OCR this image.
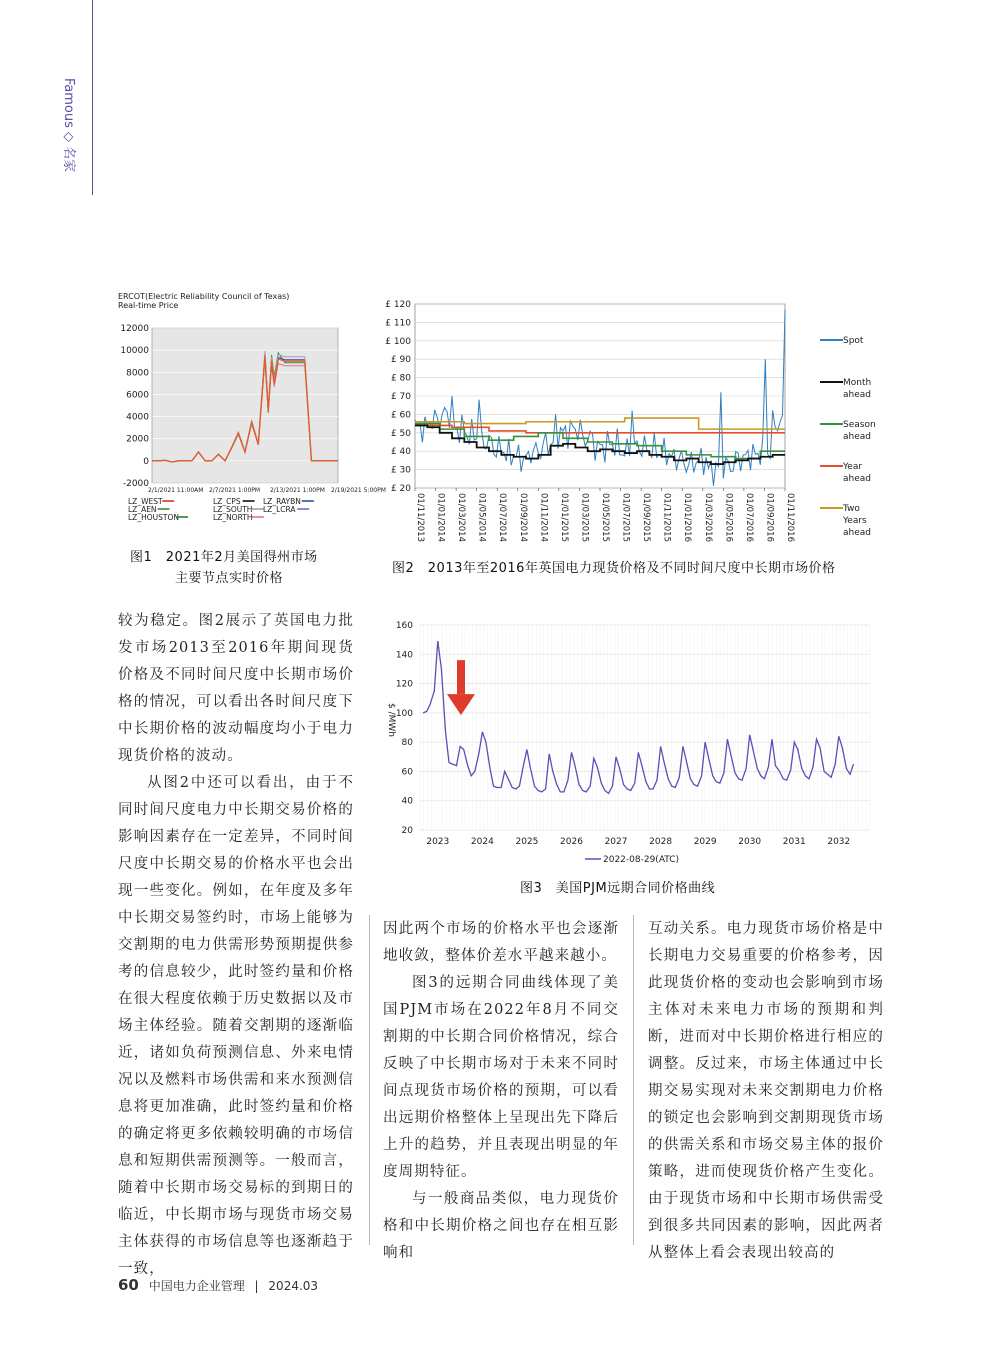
Famous ◇ 名家
ERCOT(Electric Reliability Council of Texas)
Real-time Price
12000
10000
8000
6000
4000
2000
0
-2000
2/1/2021 11:00AM 2/7/2021 1:00PM 2/13/2021 1:00PM 2/19/2021 5:00PM
LZ_WEST	LZ_CPS	LZ_RAYBN
LZ_AEN	LZ_SOUTH LZ_LCRA
LZ_HOUSTON	LZ_NORTH
图1　2021年2月美国得州市场
主要节点实时价格
£ 120
£ 110
£ 100
£ 90
£ 80
£ 70
£ 60
£ 50
£ 40
£ 30
£ 20
01/11/2013 01/01/2014 01/03/2014 01/05/2014 01/07/2014 01/09/2014 01/11/2014 01/01/2015 01/03/2015 01/05/2015 01/07/2015 01/09/2015 01/11/2015 01/01/2016 01/03/2016 01/05/2016 01/07/2016 01/09/2016 01/11/2016
Spot
Month ahead
Season ahead
Year ahead
Two Years ahead
图2　2013年至2016年英国电力现货价格及不同时间尺度中长期市场价格
160
140
120
100
80
60
40
20
2023 2024 2025 2026 2027 2028 2029 2030 2031 2032
$ /MWh
2022-08-29(ATC)
图3　美国PJM远期合同价格曲线

较为稳定。图2展示了英国电力批发市场2013至2016年期间现货价格及不同时间尺度中长期市场价格的情况，可以看出各时间尺度下中长期价格的波动幅度均小于电力现货价格的波动。

从图2中还可以看出，由于不同时间尺度电力中长期交易价格的影响因素存在一定差异，不同时间尺度中长期交易的价格水平也会出现一些变化。例如，在年度及多年中长期交易签约时，市场上能够为交割期的电力供需形势预期提供参考的信息较少，此时签约量和价格在很大程度依赖于历史数据以及市场主体经验。随着交割期的逐渐临近，诸如负荷预测信息、外来电情况以及燃料市场供需和来水预测信息将更加准确，此时签约量和价格的确定将更多依赖较明确的市场信息和短期供需预测等。一般而言，随着中长期市场交易标的到期日的临近，中长期市场与现货市场交易主体获得的市场信息等也逐渐趋于一致，

因此两个市场的价格水平也会逐渐地收敛，整体价差水平越来越小。

图3的远期合同曲线体现了美国PJM市场在2022年8月不同交割期的中长期合同价格情况，综合反映了中长期市场对于未来不同时间点现货市场价格的预期，可以看出远期价格整体上呈现出先下降后上升的趋势，并且表现出明显的年度周期特征。

与一般商品类似，电力现货价格和中长期价格之间也存在相互影响和

互动关系。电力现货市场价格是中长期电力交易重要的价格参考，因此现货价格的变动也会影响到市场主体对未来电力市场的预期和判断，进而对中长期价格进行相应的调整。反过来，市场主体通过中长期交易实现对未来交割期电力价格的锁定也会影响到交割期现货市场的供需关系和市场交易主体的报价策略，进而使现货价格产生变化。由于现货市场和中长期市场供需受到很多共同因素的影响，因此两者从整体上看会表现出较高的

60 中国电力企业管理 | 2024.03
